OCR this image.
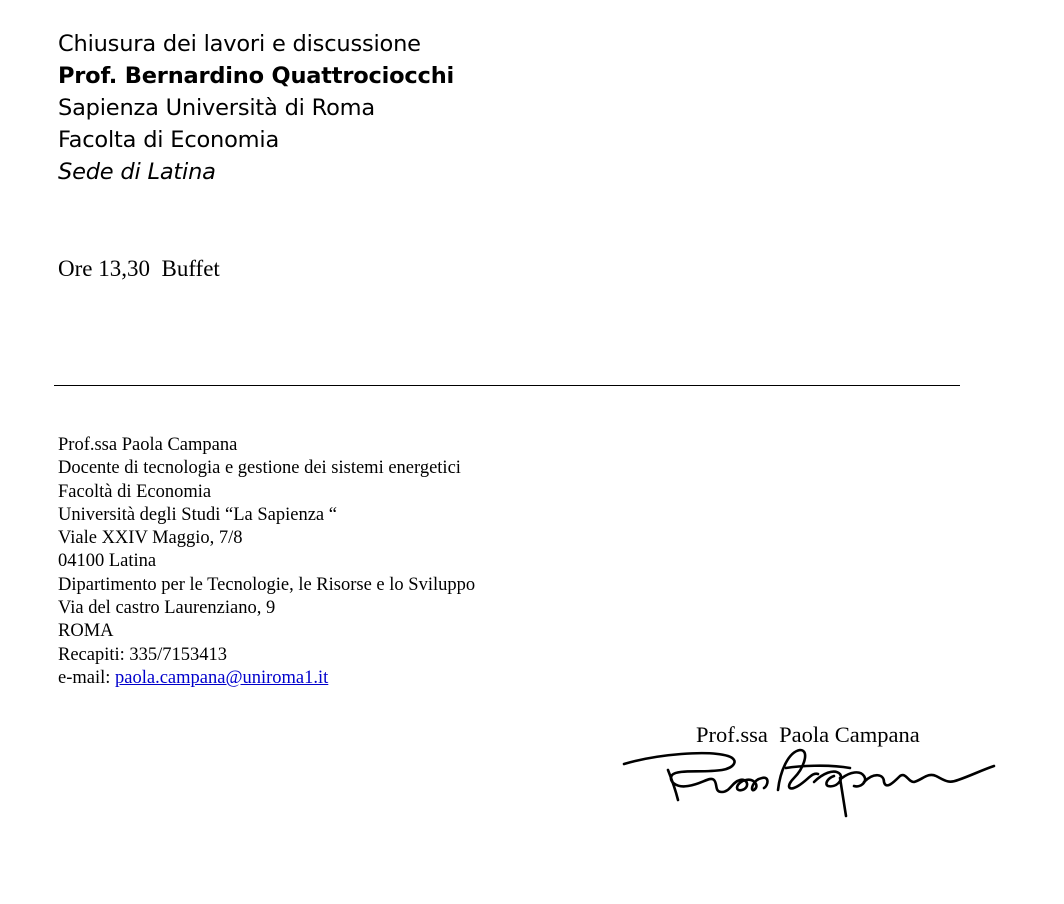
Chiusura dei lavori e discussione
Prof. Bernardino Quattrociocchi
Sapienza Università di Roma
Facolta di Economia
Sede di Latina
Ore 13,30  Buffet
Prof.ssa Paola Campana
Docente di tecnologia e gestione dei sistemi energetici
Facoltà di Economia
Università degli Studi “La Sapienza “
Viale XXIV Maggio, 7/8
04100 Latina
Dipartimento per le Tecnologie, le Risorse e lo Sviluppo
Via del castro Laurenziano, 9
ROMA
Recapiti: 335/7153413
e-mail: paola.campana@uniroma1.it
Prof.ssa  Paola Campana
